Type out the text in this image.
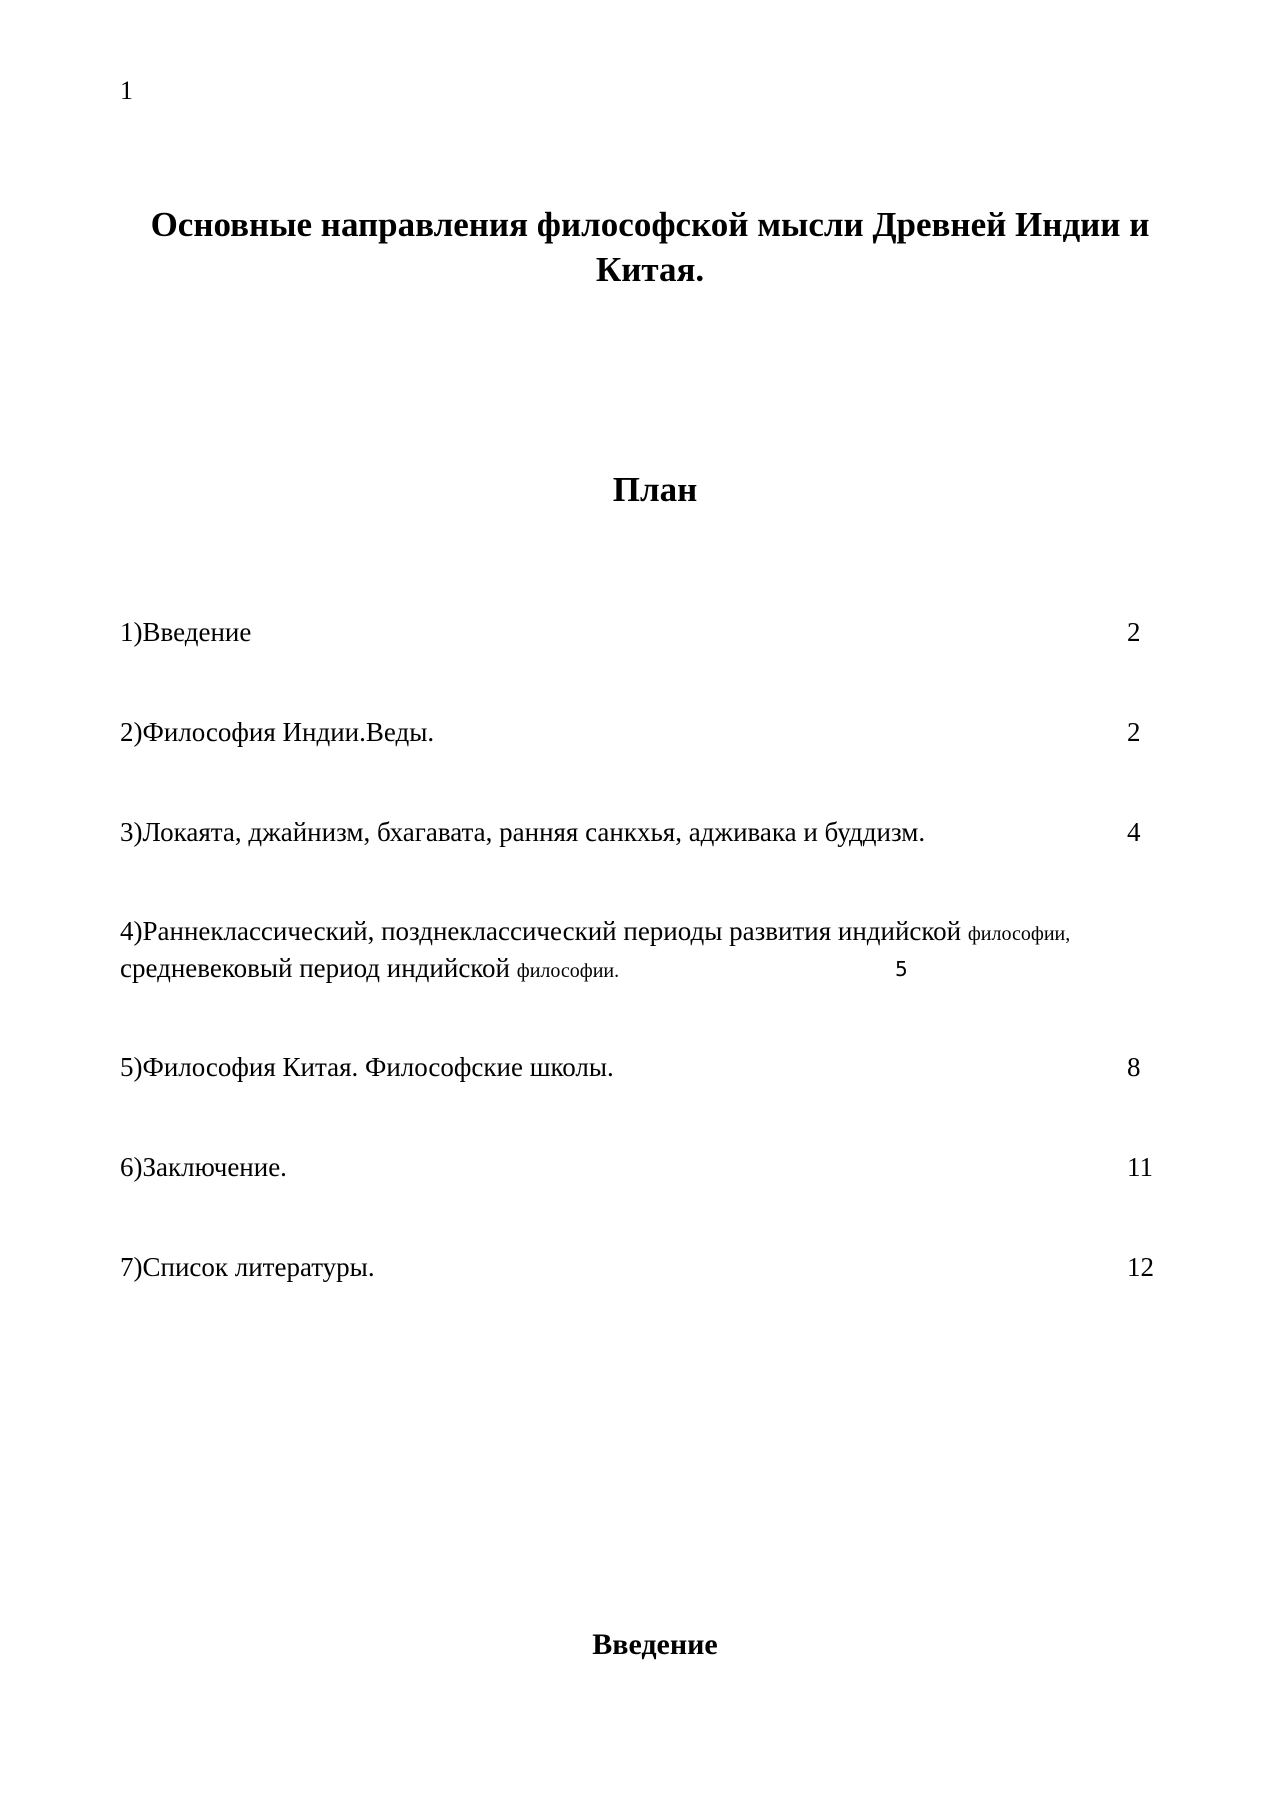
1
Основные направления философской мысли Древней Индии и Китая.
План
1)Введение	2
2)Философия Индии.Веды.	2
3)Локаята, джайнизм, бхагавата, ранняя санкхья, адживака и буддизм.	4
4)Раннеклассический, позднеклассический периоды развития индийской философии,
средневековый период индийской философии.	5
5)Философия Китая. Философские школы.	8
6)Заключение.	11
7)Список литературы.	12
Введение
